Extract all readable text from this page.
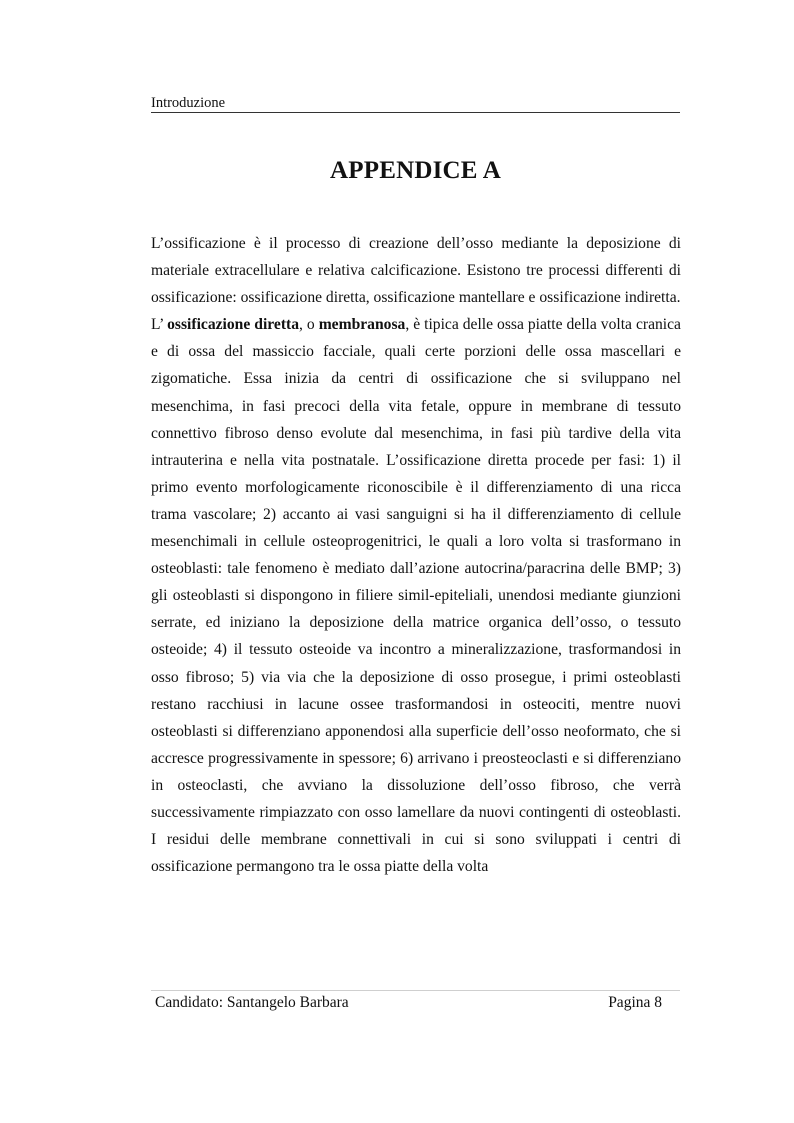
Introduzione
APPENDICE A

L’ossificazione è il processo di creazione dell’osso mediante la deposizione di materiale extracellulare e relativa calcificazione. Esistono tre processi differenti di ossificazione: ossificazione diretta, ossificazione mantellare e ossificazione indiretta.

L’ ossificazione diretta, o membranosa, è tipica delle ossa piatte della volta cranica e di ossa del massiccio facciale, quali certe porzioni delle ossa mascellari e zigomatiche. Essa inizia da centri di ossificazione che si sviluppano nel mesenchima, in fasi precoci della vita fetale, oppure in membrane di tessuto connettivo fibroso denso evolute dal mesenchima, in fasi più tardive della vita intrauterina e nella vita postnatale. L’ossificazione diretta procede per fasi: 1) il primo evento morfologicamente riconoscibile è il differenziamento di una ricca trama vascolare; 2) accanto ai vasi sanguigni si ha il differenziamento di cellule mesenchimali in cellule osteoprogenitrici, le quali a loro volta si trasformano in osteoblasti: tale fenomeno è mediato dall’azione autocrina/paracrina delle BMP; 3) gli osteoblasti si dispongono in filiere simil-epiteliali, unendosi mediante giunzioni serrate, ed iniziano la deposizione della matrice organica dell’osso, o tessuto osteoide; 4) il tessuto osteoide va incontro a mineralizzazione, trasformandosi in osso fibroso; 5) via via che la deposizione di osso prosegue, i primi osteoblasti restano racchiusi in lacune ossee trasformandosi in osteociti, mentre nuovi osteoblasti si differenziano apponendosi alla superficie dell’osso neoformato, che si accresce progressivamente in spessore; 6) arrivano i preosteoclasti e si differenziano in osteoclasti, che avviano la dissoluzione dell’osso fibroso, che verrà successivamente rimpiazzato con osso lamellare da nuovi contingenti di osteoblasti. I residui delle membrane connettivali in cui si sono sviluppati i centri di ossificazione permangono tra le ossa piatte della volta

Candidato: Santangelo Barbara	Pagina 8
